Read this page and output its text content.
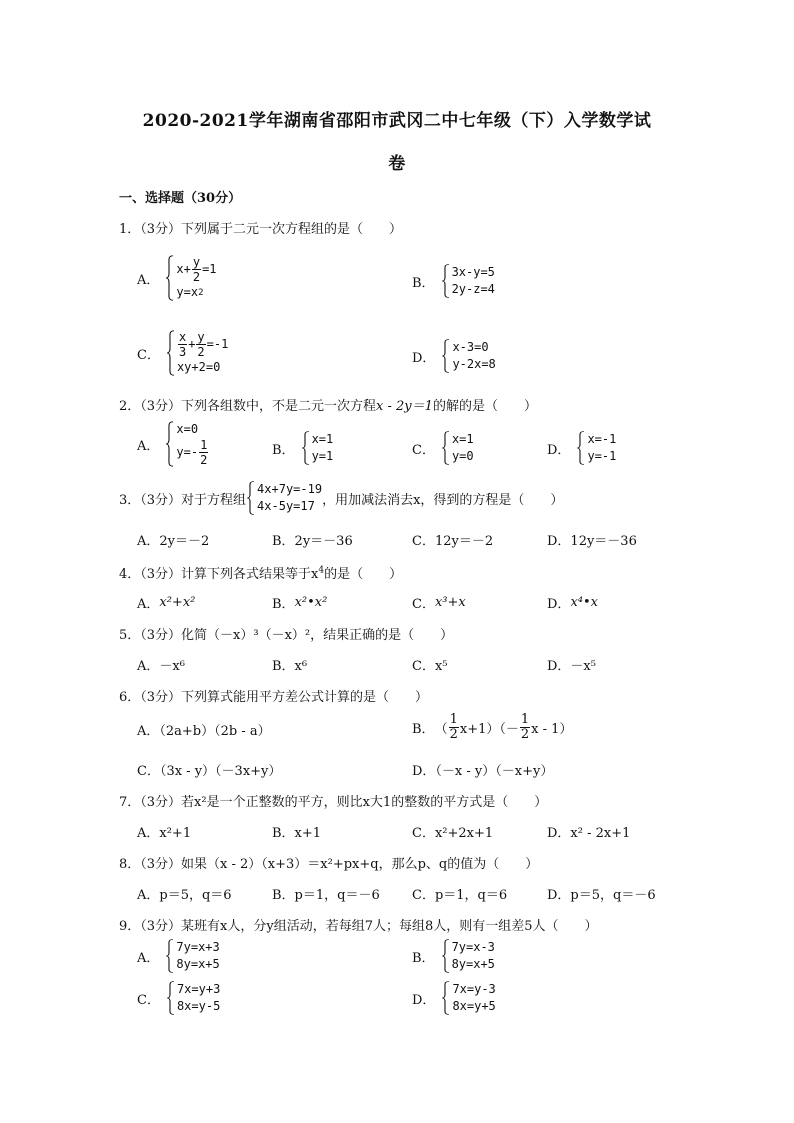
2020-2021学年湖南省邵阳市武冈二中七年级（下）入学数学试
卷
一、选择题（30分）
1．（3分）下列属于二元一次方程组的是（　　）
A．
$x+ \frac{y}{2} =1$
y=x 2
B．
3x-y=5
2y-z=4
C． $\frac{x}{3} + \frac{y}{2} =-1$
xy+2=0
D．
x-3=0
y-2x=8
2．（3分）下列各组数中，不是二元一次方程x - 2y＝1的解的是（　　）
A．
x=0
$y=- \frac{1}{2}$	B．
x=1
y=1	C．
x=1
y=0	D．
x=-1
y=-1
3．（3分）对于方程组
4x+7y=-19
4x-5y=17 ，用加减法消去x，得到的方程是（　　）
A．2y＝－2	B．2y＝－36	C．12y＝－2	D．12y＝－36
4．（3分）计算下列各式结果等于$x^4$的是（　　）
A． x²+x²	B． x²•x²	C． x³+x	D． x⁴•x
5．（3分）化简（－x）³（－x）²，结果正确的是（　　）
A．－x⁶	B．x⁶	C．x⁵	D．－x⁵
6．（3分）下列算式能用平方差公式计算的是（　　）
A．（2a+b）（2b - a）	B． （ $\frac{1}{2} x+1)(- \frac{1}{2}$ x - 1）
C．（3x - y）（－3x+y）	D．（－x - y）（－x+y）
7．（3分）若x²是一个正整数的平方，则比x大1的整数的平方式是（　　）
A．x²+1	B．x+1	C．x²+2x+1	D．x² - 2x+1
8．（3分）如果（x - 2）（x+3）＝x²+px+q，那么p、q的值为（　　）
A．p＝5，q＝6	B．p＝1，q＝－6 C．p＝1，q＝6	D．p＝5，q＝－6
9．（3分）某班有x人，分y组活动，若每组7人；每组8人，则有一组差5人（　　）
A．
7y=x+3
8y=x+5	B．
7y=x-3
8y=x+5
C．
7x=y+3
8x=y-5	D．
7x=y-3
8x=y+5
